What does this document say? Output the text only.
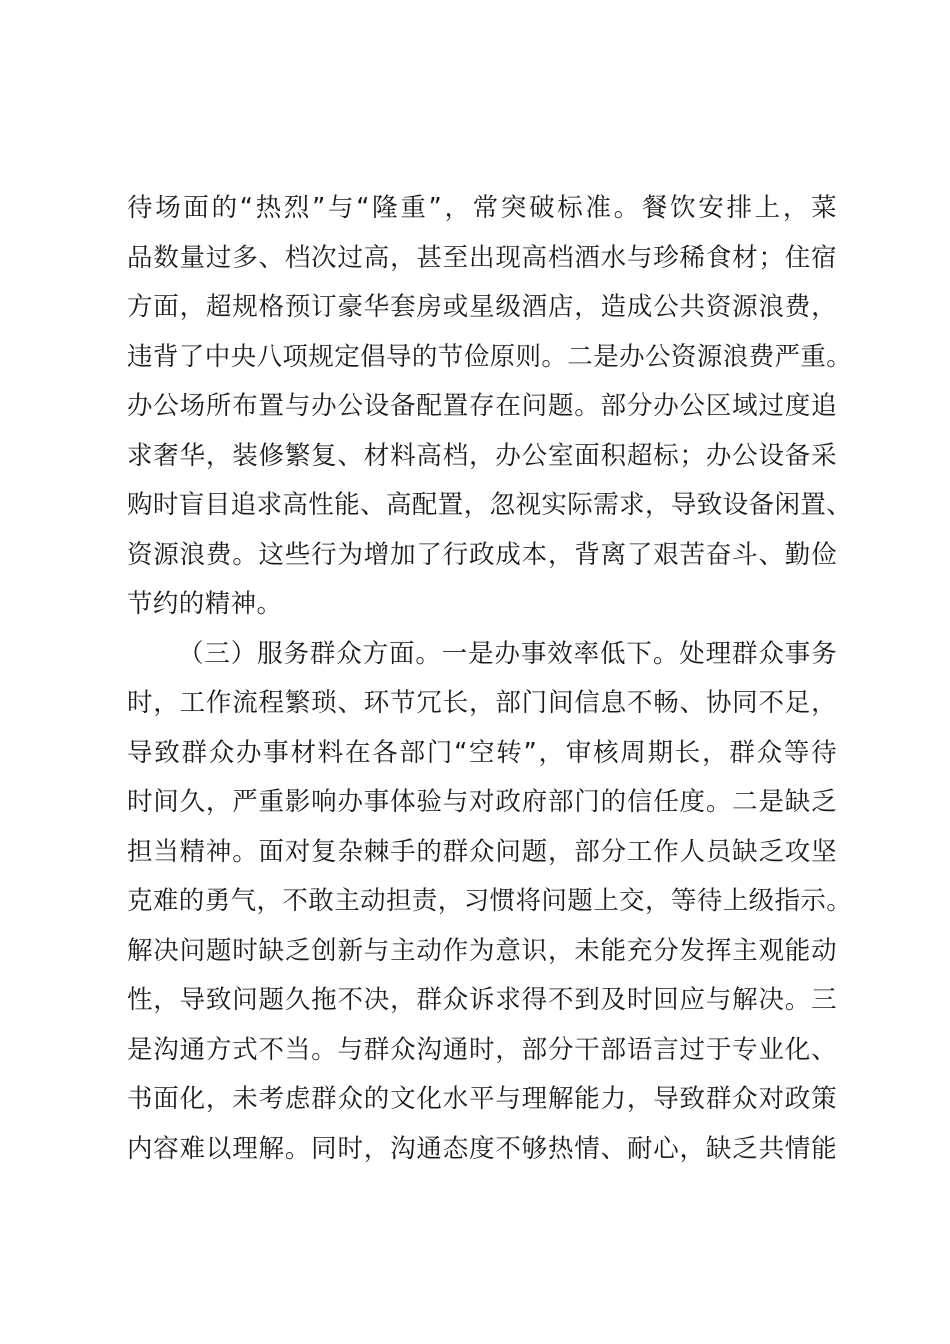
待场面的“热烈”与“隆重”，常突破标准。餐饮安排上，菜
品数量过多、档次过高，甚至出现高档酒水与珍稀食材；住宿
方面，超规格预订豪华套房或星级酒店，造成公共资源浪费，
违背了中央八项规定倡导的节俭原则。二是办公资源浪费严重。
办公场所布置与办公设备配置存在问题。部分办公区域过度追
求奢华，装修繁复、材料高档，办公室面积超标；办公设备采
购时盲目追求高性能、高配置，忽视实际需求，导致设备闲置、
资源浪费。这些行为增加了行政成本，背离了艰苦奋斗、勤俭
节约的精神。
（三）服务群众方面。一是办事效率低下。处理群众事务
时，工作流程繁琐、环节冗长，部门间信息不畅、协同不足，
导致群众办事材料在各部门“空转”，审核周期长，群众等待
时间久，严重影响办事体验与对政府部门的信任度。二是缺乏
担当精神。面对复杂棘手的群众问题，部分工作人员缺乏攻坚
克难的勇气，不敢主动担责，习惯将问题上交，等待上级指示。
解决问题时缺乏创新与主动作为意识，未能充分发挥主观能动
性，导致问题久拖不决，群众诉求得不到及时回应与解决。三
是沟通方式不当。与群众沟通时，部分干部语言过于专业化、
书面化，未考虑群众的文化水平与理解能力，导致群众对政策
内容难以理解。同时，沟通态度不够热情、耐心，缺乏共情能
